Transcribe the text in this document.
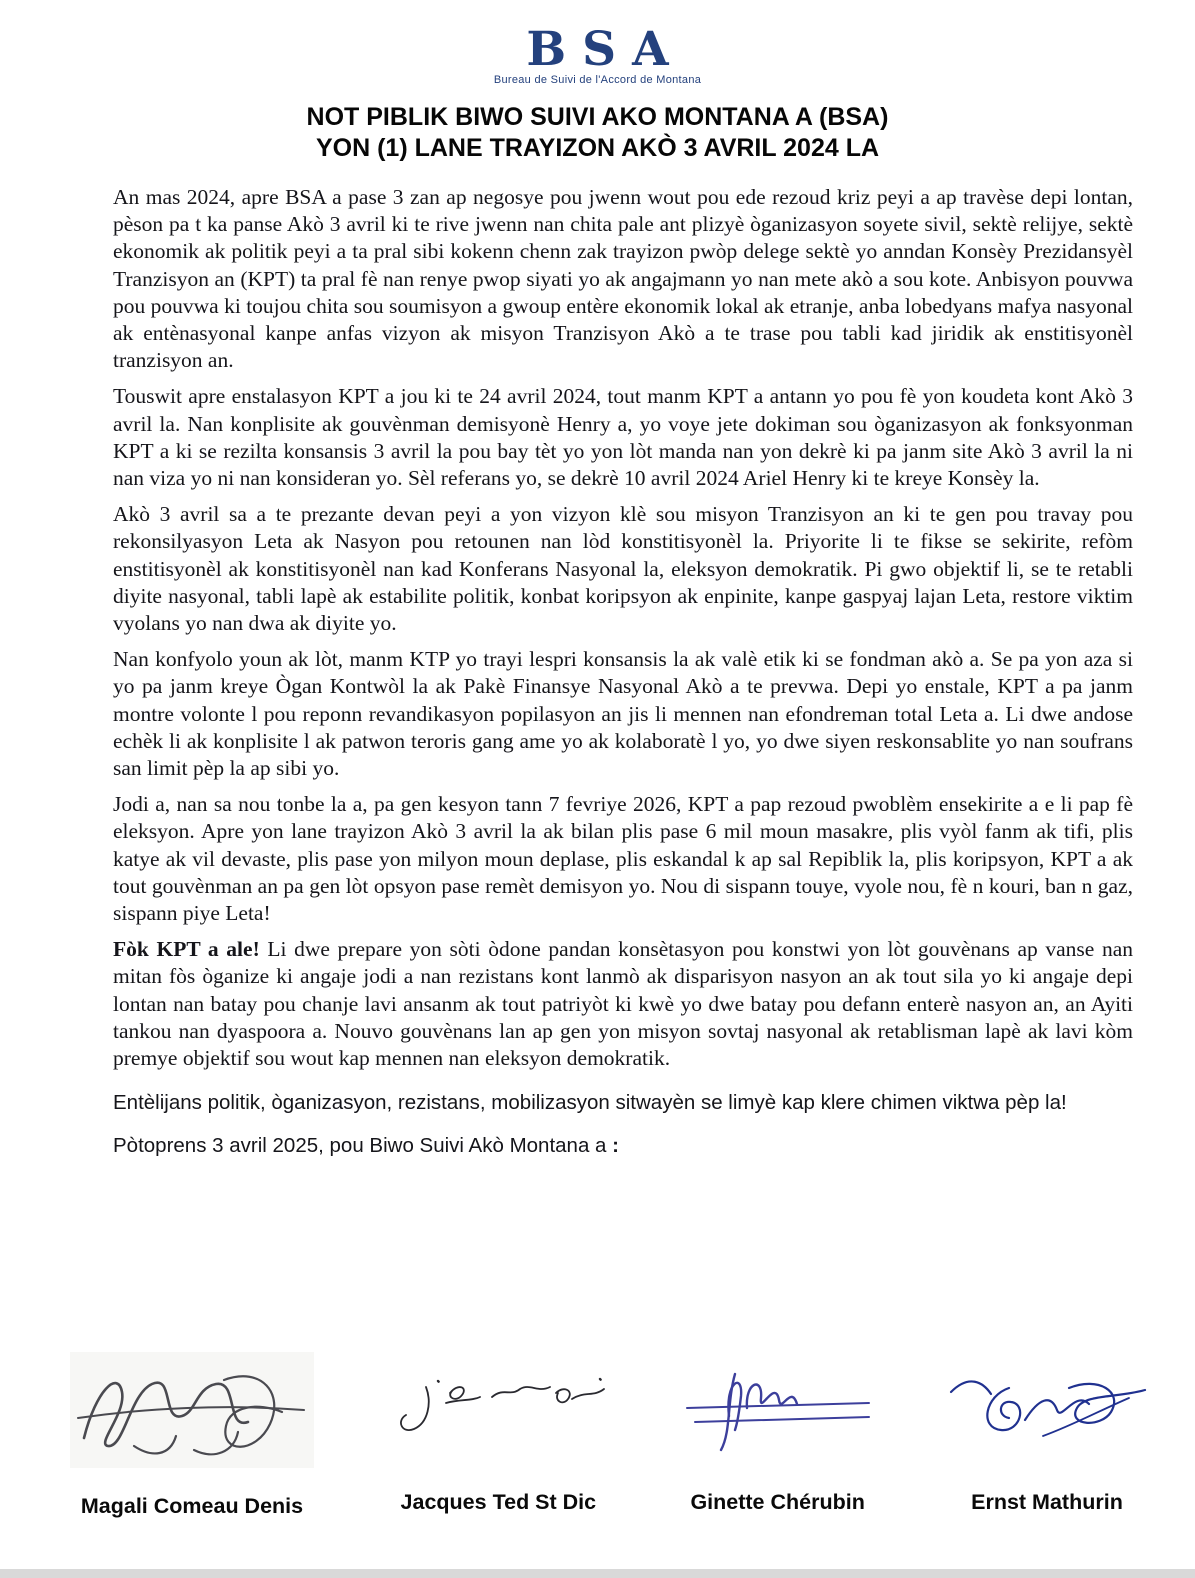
BSA
Bureau de Suivi de l'Accord de Montana
NOT PIBLIK BIWO SUIVI AKO MONTANA A (BSA)
YON (1) LANE TRAYIZON AKÒ 3 AVRIL 2024 LA

An mas 2024, apre BSA a pase 3 zan ap negosye pou jwenn wout pou ede rezoud kriz peyi a ap travèse depi lontan, pèson pa t ka panse Akò 3 avril ki te rive jwenn nan chita pale ant plizyè òganizasyon soyete sivil, sektè relijye, sektè ekonomik ak politik peyi a ta pral sibi kokenn chenn zak trayizon pwòp delege sektè yo anndan Konsèy Prezidansyèl Tranzisyon an (KPT) ta pral fè nan renye pwop siyati yo ak angajmann yo nan mete akò a sou kote. Anbisyon pouvwa pou pouvwa ki toujou chita sou soumisyon a gwoup entère ekonomik lokal ak etranje, anba lobedyans mafya nasyonal ak entènasyonal kanpe anfas vizyon ak misyon Tranzisyon Akò a te trase pou tabli kad jiridik ak enstitisyonèl tranzisyon an.

Touswit apre enstalasyon KPT a jou ki te 24 avril 2024, tout manm KPT a antann yo pou fè yon koudeta kont Akò 3 avril la. Nan konplisite ak gouvènman demisyonè Henry a, yo voye jete dokiman sou òganizasyon ak fonksyonman KPT a ki se rezilta konsansis 3 avril la pou bay tèt yo yon lòt manda nan yon dekrè ki pa janm site Akò 3 avril la ni nan viza yo ni nan konsideran yo. Sèl referans yo, se dekrè 10 avril 2024 Ariel Henry ki te kreye Konsèy la.

Akò 3 avril sa a te prezante devan peyi a yon vizyon klè sou misyon Tranzisyon an ki te gen pou travay pou rekonsilyasyon Leta ak Nasyon pou retounen nan lòd konstitisyonèl la. Priyorite li te fikse se sekirite, refòm enstitisyonèl ak konstitisyonèl nan kad Konferans Nasyonal la, eleksyon demokratik. Pi gwo objektif li, se te retabli diyite nasyonal, tabli lapè ak estabilite politik, konbat koripsyon ak enpinite, kanpe gaspyaj lajan Leta, restore viktim vyolans yo nan dwa ak diyite yo.

Nan konfyolo youn ak lòt, manm KTP yo trayi lespri konsansis la ak valè etik ki se fondman akò a. Se pa yon aza si yo pa janm kreye Ògan Kontwòl la ak Pakè Finansye Nasyonal Akò a te prevwa. Depi yo enstale, KPT a pa janm montre volonte l pou reponn revandikasyon popilasyon an jis li mennen nan efondreman total Leta a. Li dwe andose echèk li ak konplisite l ak patwon teroris gang ame yo ak kolaboratè l yo, yo dwe siyen reskonsablite yo nan soufrans san limit pèp la ap sibi yo.

Jodi a, nan sa nou tonbe la a, pa gen kesyon tann 7 fevriye 2026, KPT a pap rezoud pwoblèm ensekirite a e li pap fè eleksyon. Apre yon lane trayizon Akò 3 avril la ak bilan plis pase 6 mil moun masakre, plis vyòl fanm ak tifi, plis katye ak vil devaste, plis pase yon milyon moun deplase, plis eskandal k ap sal Repiblik la, plis koripsyon, KPT a ak tout gouvènman an pa gen lòt opsyon pase remèt demisyon yo. Nou di sispann touye, vyole nou, fè n kouri, ban n gaz, sispann piye Leta!

Fòk KPT a ale! Li dwe prepare yon sòti òdone pandan konsètasyon pou konstwi yon lòt gouvènans ap vanse nan mitan fòs òganize ki angaje jodi a nan rezistans kont lanmò ak disparisyon nasyon an ak tout sila yo ki angaje depi lontan nan batay pou chanje lavi ansanm ak tout patriyòt ki kwè yo dwe batay pou defann enterè nasyon an, an Ayiti tankou nan dyaspoora a. Nouvo gouvènans lan ap gen yon misyon sovtaj nasyonal ak retablisman lapè ak lavi kòm premye objektif sou wout kap mennen nan eleksyon demokratik.

Entèlijans politik, òganizasyon, rezistans, mobilizasyon sitwayèn se limyè kap klere chimen viktwa pèp la!

Pòtoprens 3 avril 2025, pou Biwo Suivi Akò Montana a :

Magali Comeau Denis	Jacques Ted St Dic	Ginette Chérubin	Ernst Mathurin
